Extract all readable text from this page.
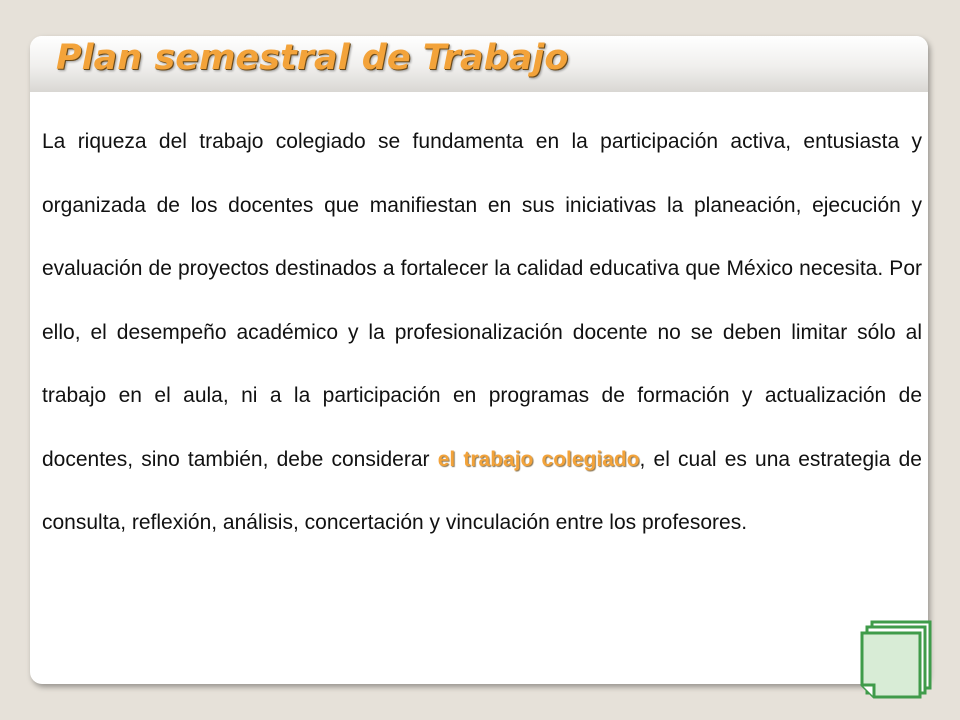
Plan semestral de Trabajo

La riqueza del trabajo colegiado se fundamenta en la participación activa, entusiasta y organizada de los docentes que manifiestan en sus iniciativas la planeación, ejecución y evaluación de proyectos destinados a fortalecer la calidad educativa que México necesita. Por ello, el desempeño académico y la profesionalización docente no se deben limitar sólo al trabajo en el aula, ni a la participación en programas de formación y actualización de docentes, sino también, debe considerar el trabajo colegiado, el cual es una estrategia de consulta, reflexión, análisis, concertación y vinculación entre los profesores.
